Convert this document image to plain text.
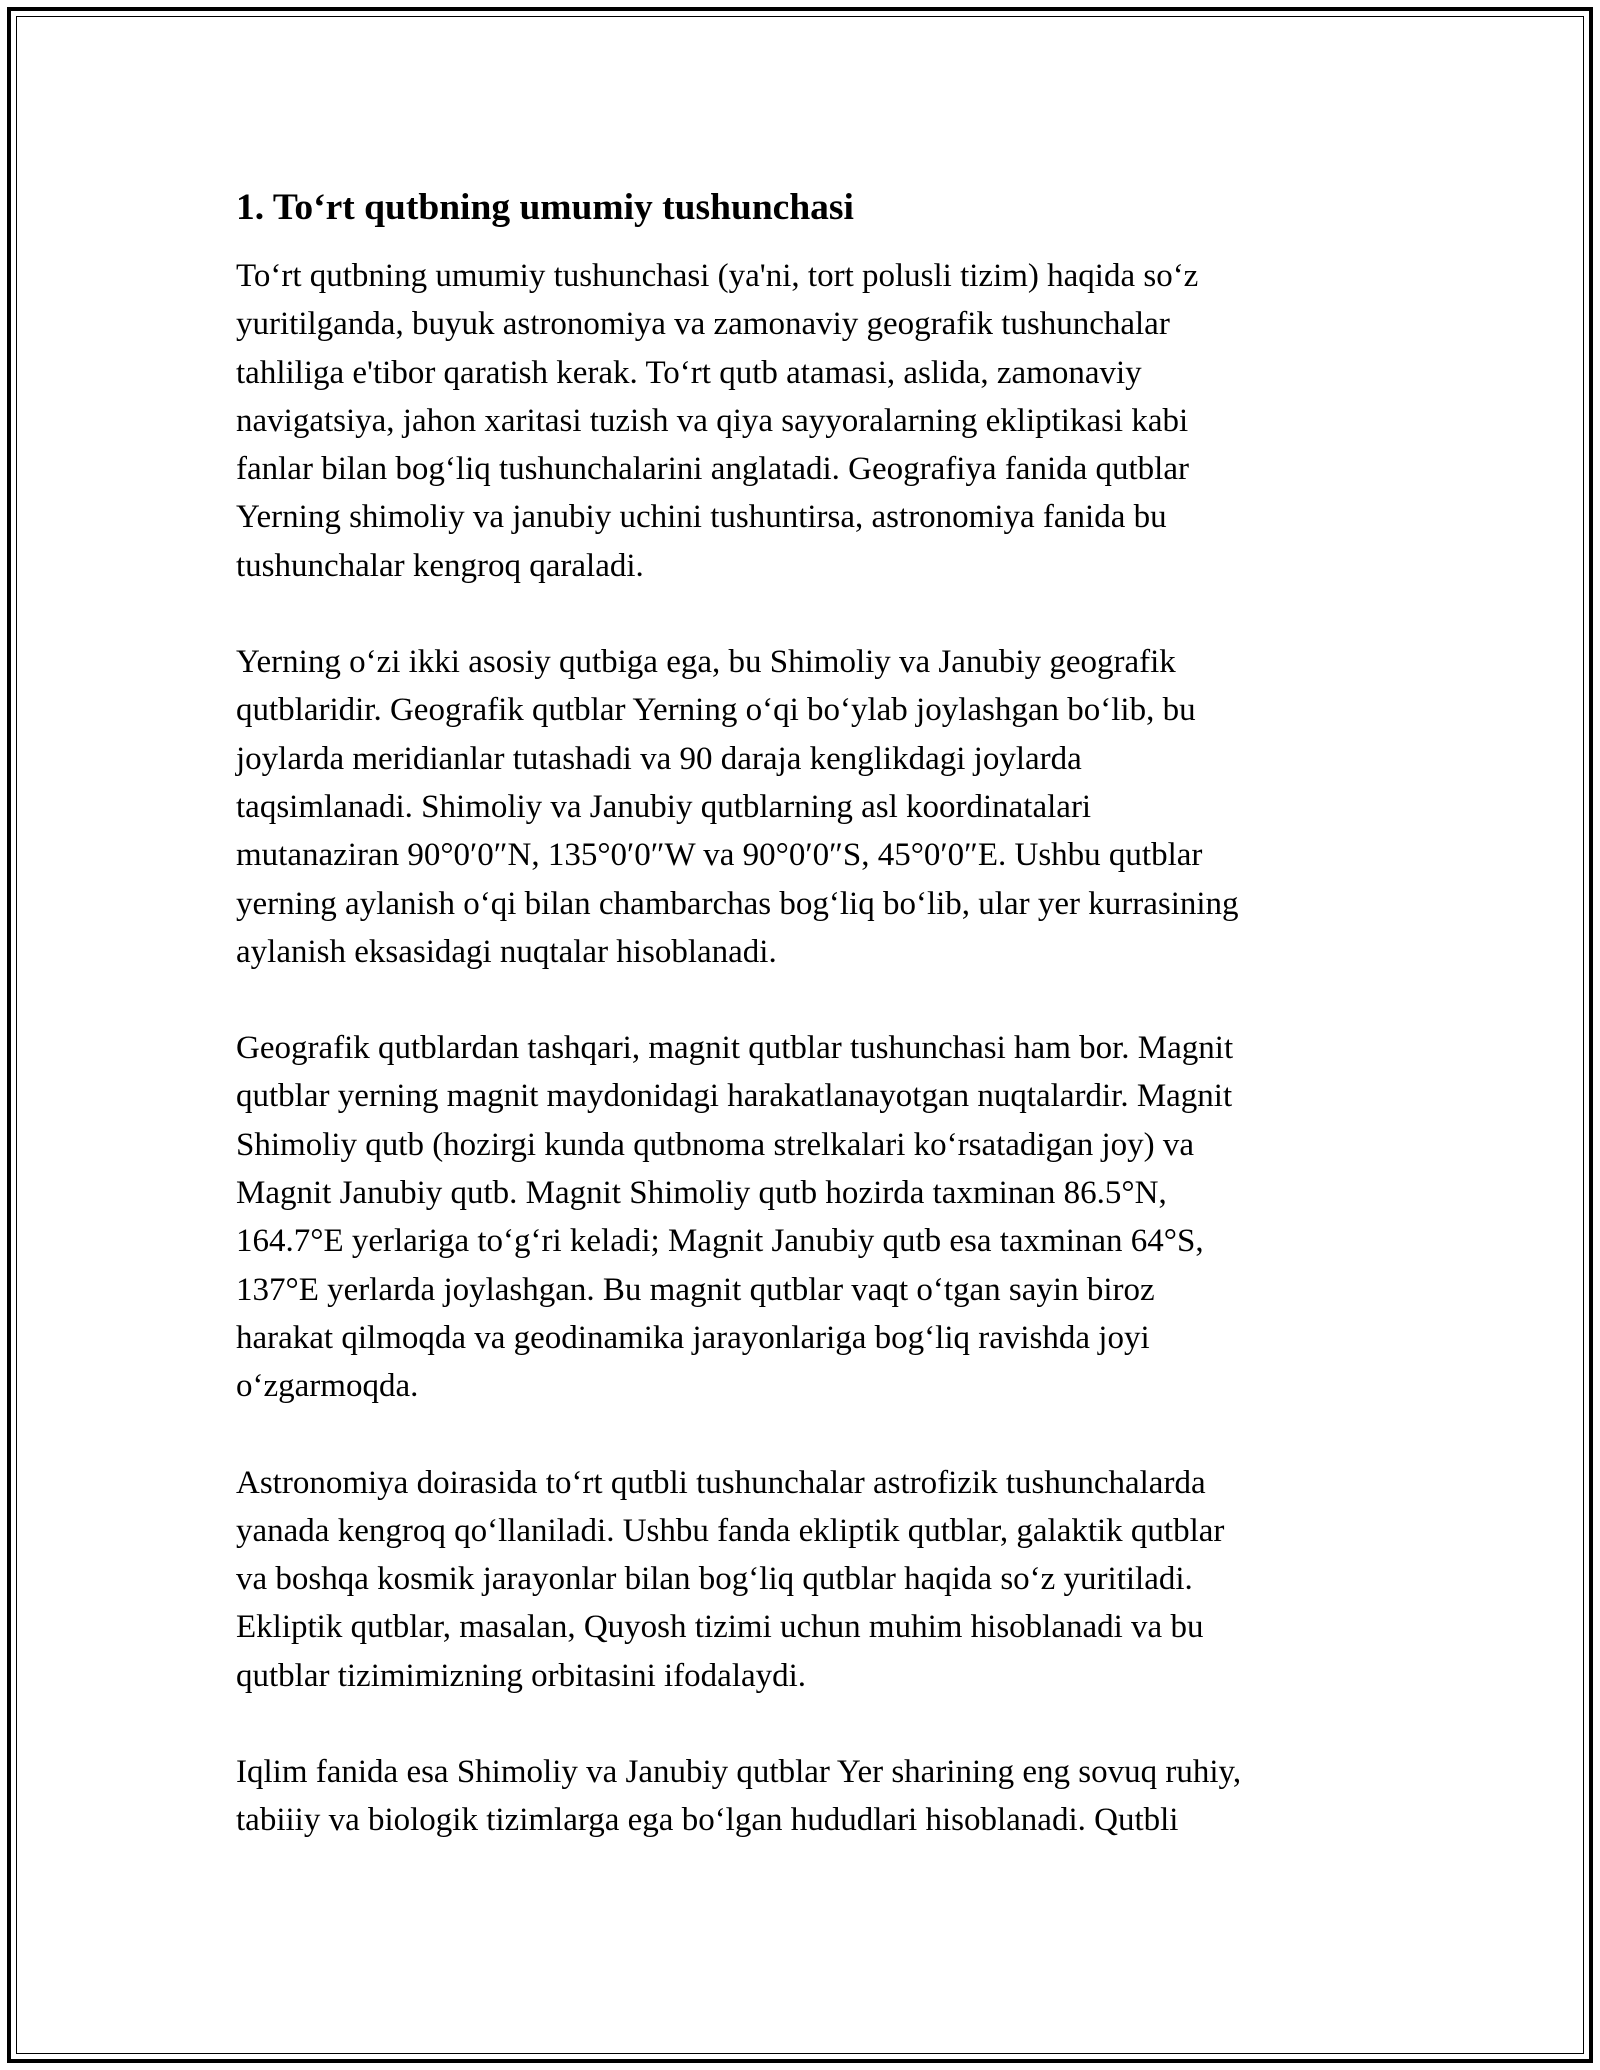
1. To‘rt qutbning umumiy tushunchasi
To‘rt qutbning umumiy tushunchasi (ya'ni, tort polusli tizim) haqida so‘z
yuritilganda, buyuk astronomiya va zamonaviy geografik tushunchalar
tahliliga e'tibor qaratish kerak. To‘rt qutb atamasi, aslida, zamonaviy
navigatsiya, jahon xaritasi tuzish va qiya sayyoralarning ekliptikasi kabi
fanlar bilan bog‘liq tushunchalarini anglatadi. Geografiya fanida qutblar
Yerning shimoliy va janubiy uchini tushuntirsa, astronomiya fanida bu
tushunchalar kengroq qaraladi.
Yerning o‘zi ikki asosiy qutbiga ega, bu Shimoliy va Janubiy geografik
qutblaridir. Geografik qutblar Yerning o‘qi bo‘ylab joylashgan bo‘lib, bu
joylarda meridianlar tutashadi va 90 daraja kenglikdagi joylarda
taqsimlanadi. Shimoliy va Janubiy qutblarning asl koordinatalari
mutanaziran 90°0′0″N, 135°0′0″W va 90°0′0″S, 45°0′0″E. Ushbu qutblar
yerning aylanish o‘qi bilan chambarchas bog‘liq bo‘lib, ular yer kurrasining
aylanish eksasidagi nuqtalar hisoblanadi.
Geografik qutblardan tashqari, magnit qutblar tushunchasi ham bor. Magnit
qutblar yerning magnit maydonidagi harakatlanayotgan nuqtalardir. Magnit
Shimoliy qutb (hozirgi kunda qutbnoma strelkalari ko‘rsatadigan joy) va
Magnit Janubiy qutb. Magnit Shimoliy qutb hozirda taxminan 86.5°N,
164.7°E yerlariga to‘g‘ri keladi; Magnit Janubiy qutb esa taxminan 64°S,
137°E yerlarda joylashgan. Bu magnit qutblar vaqt o‘tgan sayin biroz
harakat qilmoqda va geodinamika jarayonlariga bog‘liq ravishda joyi
o‘zgarmoqda.
Astronomiya doirasida to‘rt qutbli tushunchalar astrofizik tushunchalarda
yanada kengroq qo‘llaniladi. Ushbu fanda ekliptik qutblar, galaktik qutblar
va boshqa kosmik jarayonlar bilan bog‘liq qutblar haqida so‘z yuritiladi.
Ekliptik qutblar, masalan, Quyosh tizimi uchun muhim hisoblanadi va bu
qutblar tizimimizning orbitasini ifodalaydi.
Iqlim fanida esa Shimoliy va Janubiy qutblar Yer sharining eng sovuq ruhiy,
tabiiiy va biologik tizimlarga ega bo‘lgan hududlari hisoblanadi. Qutbli
